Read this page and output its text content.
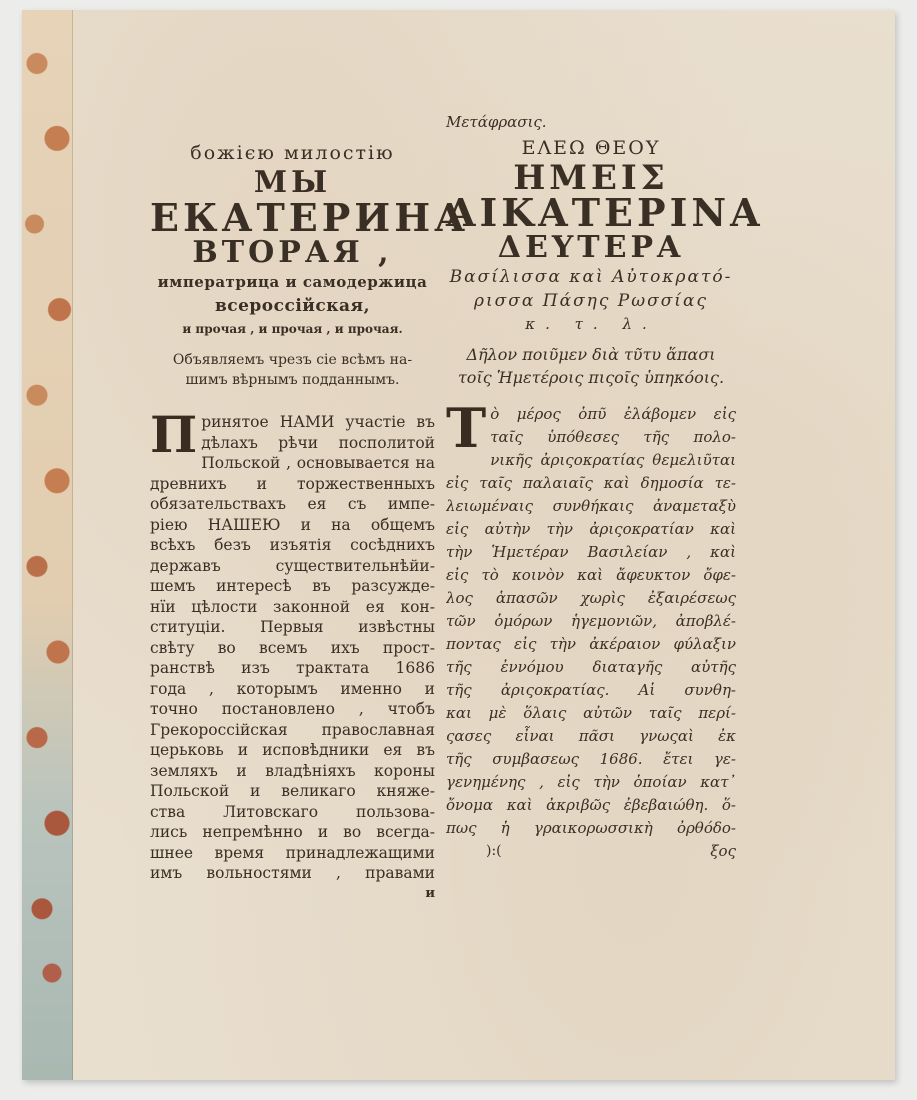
божією милостію
МЫ
ЕКАТЕРИНА
ВТОРАЯ ,
императрица и самодержица
всероссійская,
и прочая , и прочая , и прочая.
Объявляемъ чрезъ сіе всѣмъ на-
шимъ вѣрнымъ подданнымъ.
П ринятое НАМИ участіе въ
дѣлахъ рѣчи посполитой
Польской , основывается на
древнихъ и торжественныхъ
обязательствахъ ея съ импе-
ріею НАШЕЮ и на общемъ
всѣхъ безъ изъятія сосѣднихъ
державъ существительнѣйи-
шемъ интересѣ въ разсужде-
нїи цѣлости законной ея кон-
ституціи. Первыя извѣстны
свѣту во всемъ ихъ прост-
ранствѣ изъ трактата 1686
года , которымъ именно и
точно постановлено , чтобъ
Грекороссійская православная
церьковь и исповѣдники ея въ
земляхъ и владѣніяхъ короны
Польской и великаго княже-
ства Литовскаго пользова-
лись непремѣнно и во всегда-
шнее время принадлежащими
имъ вольностями , правами
и
Μετάφρασις.
ΕΛΕΩ ΘΕΟΥ
ΗΜΕΙΣ
ΑΙΚΑΤΕΡΙΝΑ
ΔΕΥΤΕΡΑ
Βασίλισσα καὶ Αὐτοκρατό-
ρισσα Πάσης Ρωσσίας
κ. τ. λ.
Δῆλον ποιῦμεν διὰ τῦτυ ἅπασι
τοῖς Ἡμετέροις πιςοῖς ὑπηκόοις.
Τ ὸ μέρος ὁπῦ ἐλάβομεν εἰς
ταῖς ὑπόθεσες τῆς πολο-
νικῆς ἀριςοκρατίας θεμελιῦται
εἰς ταῖς παλαιαῖς καὶ δημοσία τε-
λειωμέναις συνθήκαις ἀναμεταξὺ
εἰς αὐτὴν τὴν ἀριςοκρατίαν καὶ
τὴν Ἡμετέραν Βασιλείαν , καὶ
εἰς τὸ κοινὸν καὶ ἄφευκτον ὄφε-
λος ἁπασῶν χωρὶς ἐξαιρέσεως
τῶν ὁμόρων ἡγεμονιῶν, ἀποβλέ-
ποντας εἰς τὴν ἀκέραιον φύλαξιν
τῆς ἐννόμου διαταγῆς αὐτῆς
τῆς ἀριςοκρατίας. Αἱ συνθη-
και μὲ ὅλαις αὐτῶν ταῖς περί-
ςασες εἶναι πᾶσι γνωςαὶ ἐκ
τῆς συμβασεως 1686. ἔτει γε-
γενημένης , εἰς τὴν ὁποίαν κατ᾽
ὄνομα καὶ ἀκριβῶς ἐβεβαιώθη. ὅ-
πως ἡ γραικορωσσικὴ ὀρθόδο-
):(	ξος
